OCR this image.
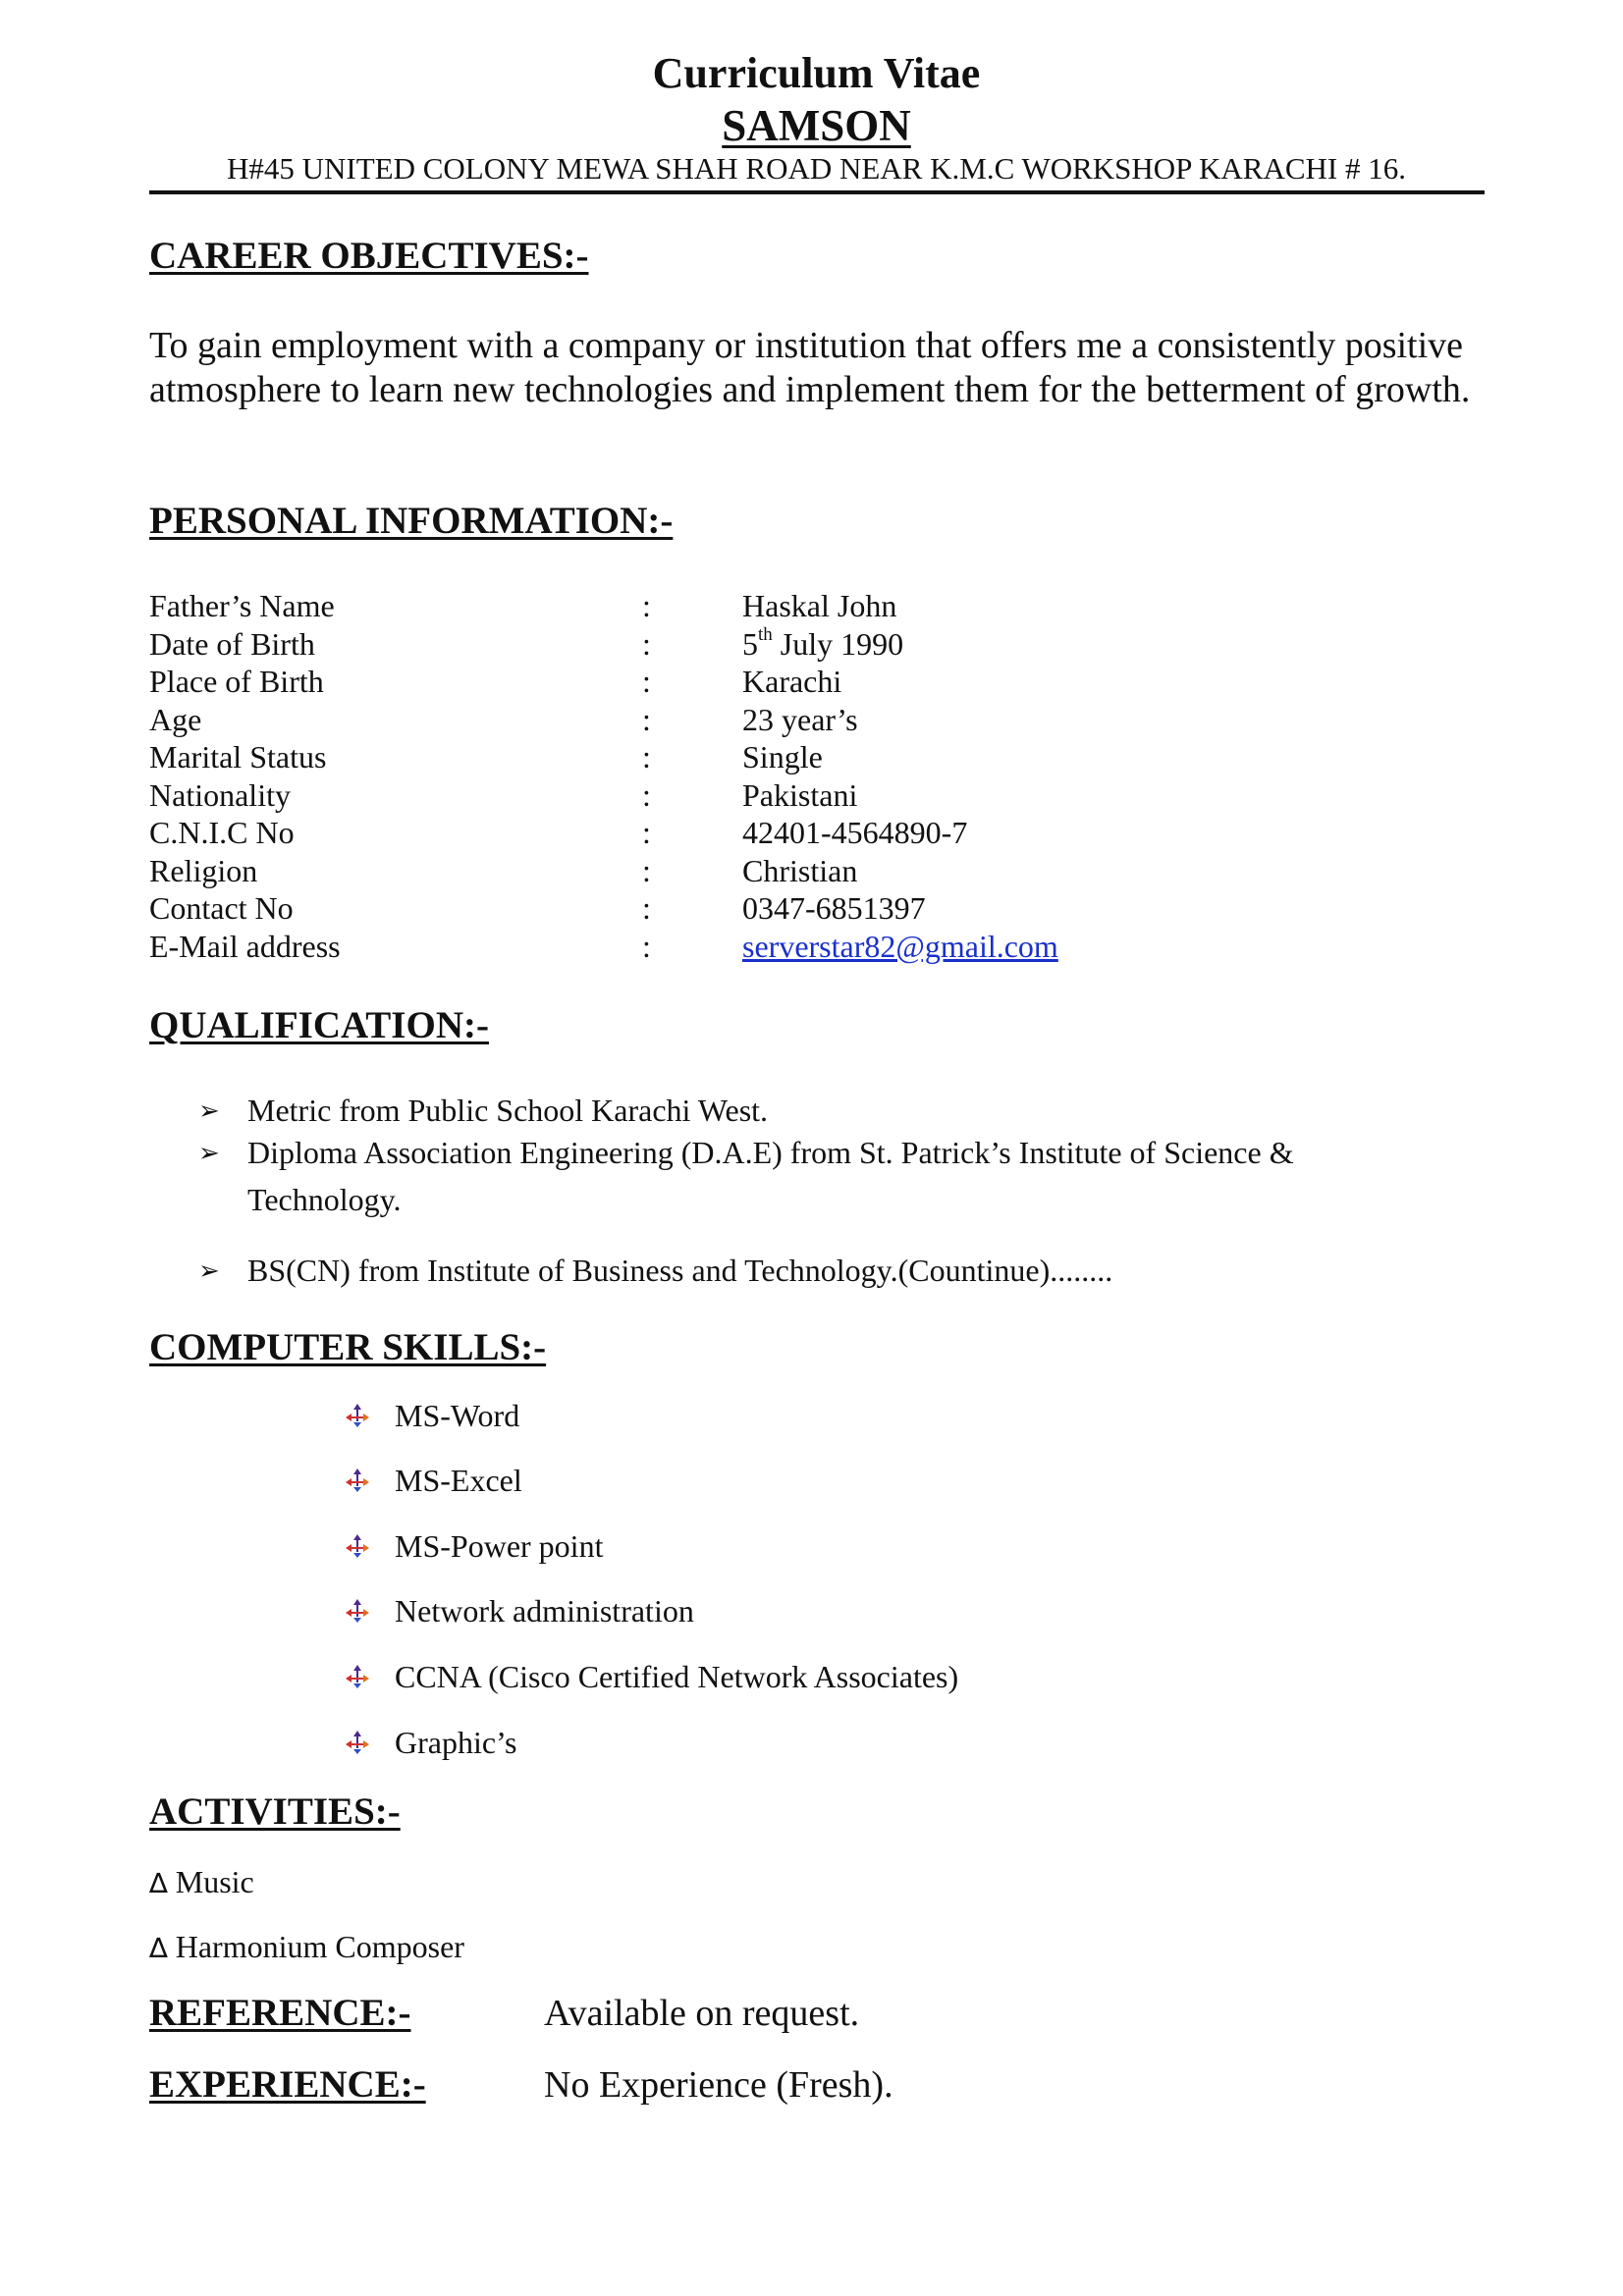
Curriculum Vitae
SAMSON
H#45 UNITED COLONY MEWA SHAH ROAD NEAR K.M.C WORKSHOP KARACHI # 16.
CAREER OBJECTIVES:-
To gain employment with a company or institution that offers me a consistently positive atmosphere to learn new technologies and implement them for the betterment of growth.
PERSONAL INFORMATION:-
Father’s Name	:	Haskal John
Date of Birth	:	5th July 1990
Place of Birth	:	Karachi
Age	:	23 year’s
Marital Status	:	Single
Nationality	:	Pakistani
C.N.I.C No	:	42401-4564890-7
Religion	:	Christian
Contact No	:	0347-6851397
E-Mail address	:	serverstar82@gmail.com
QUALIFICATION:-
➢ Metric from Public School Karachi West.
➢ Diploma Association Engineering (D.A.E) from St. Patrick’s Institute of Science &
Technology.
➢ BS(CN) from Institute of Business and Technology.(Countinue)........
COMPUTER SKILLS:-
MS-Word
MS-Excel
MS-Power point
Network administration
CCNA (Cisco Certified Network Associates)
Graphic’s
ACTIVITIES:-
∆ Music
∆ Harmonium Composer
REFERENCE:-	Available on request.
EXPERIENCE:-	No Experience (Fresh).
